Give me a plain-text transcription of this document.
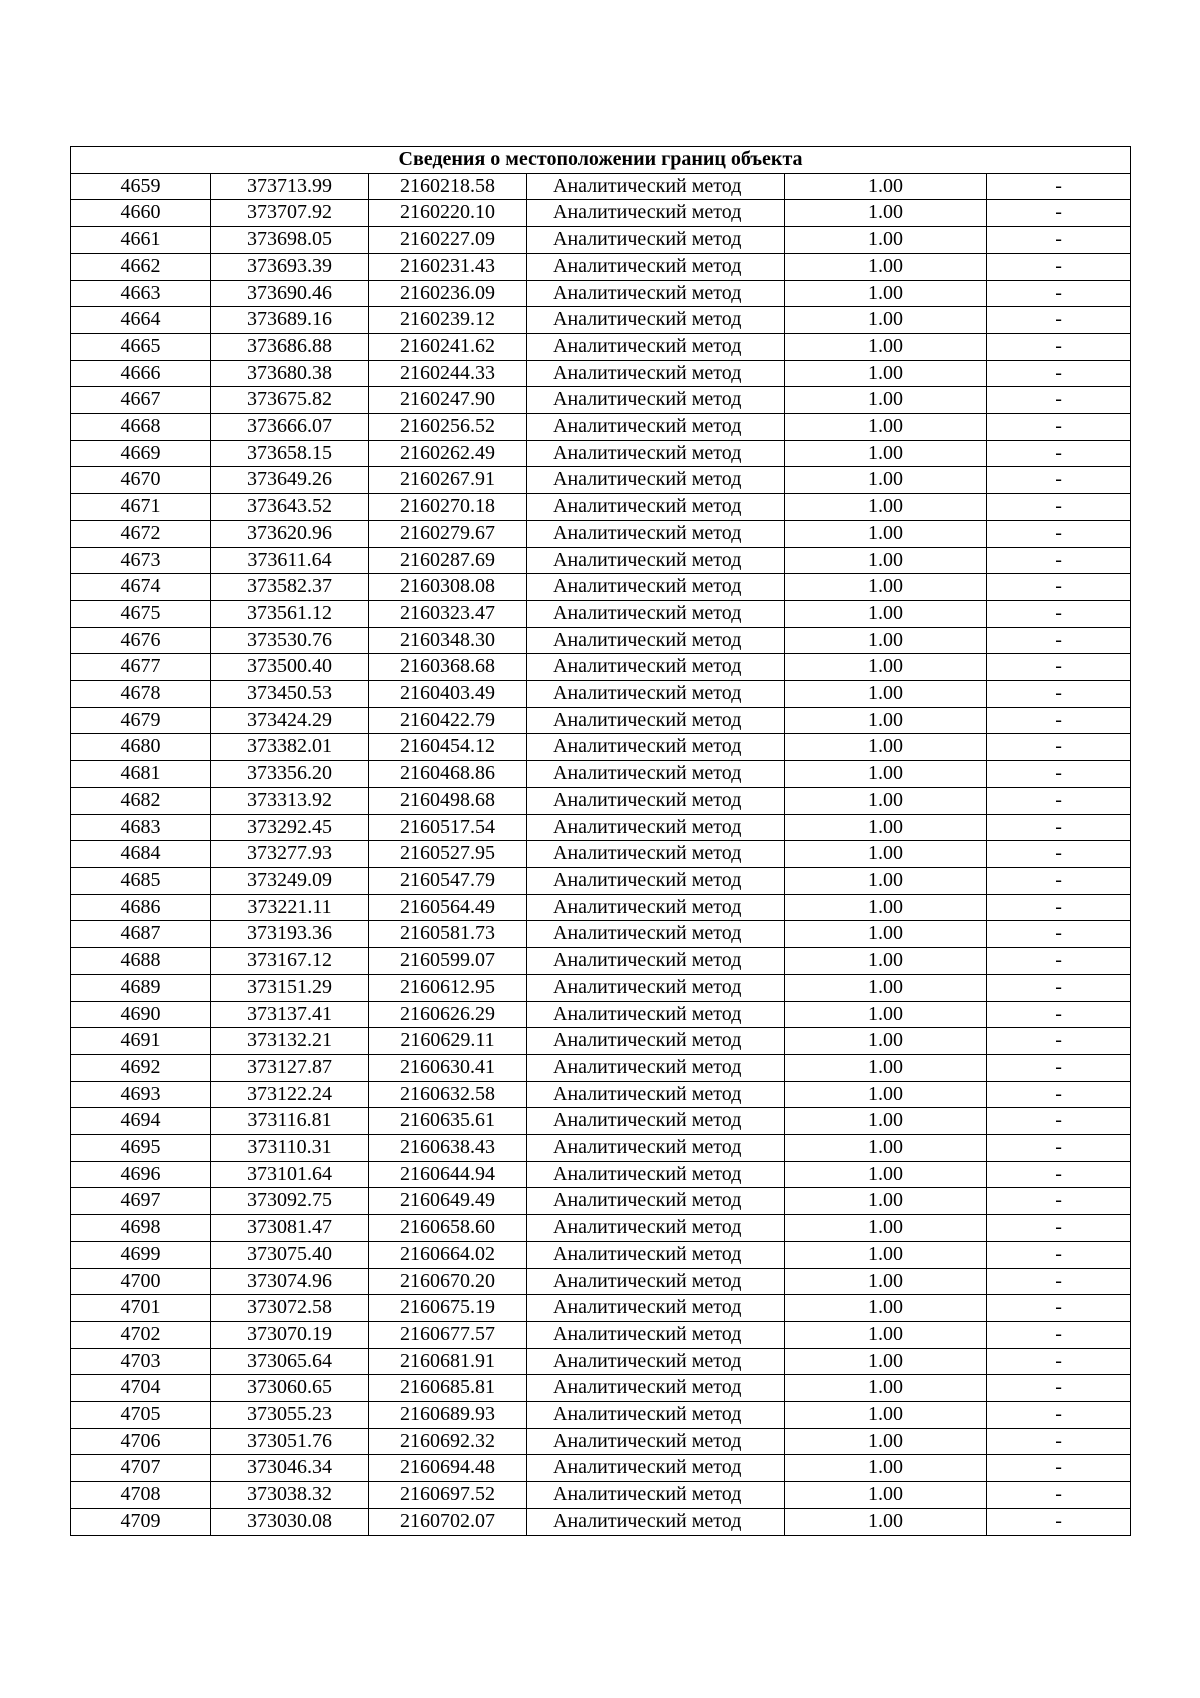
Сведения о местоположении границ объекта					
4659	373713.99	2160218.58	Аналитический метод	1.00	-
4660	373707.92	2160220.10	Аналитический метод	1.00	-
4661	373698.05	2160227.09	Аналитический метод	1.00	-
4662	373693.39	2160231.43	Аналитический метод	1.00	-
4663	373690.46	2160236.09	Аналитический метод	1.00	-
4664	373689.16	2160239.12	Аналитический метод	1.00	-
4665	373686.88	2160241.62	Аналитический метод	1.00	-
4666	373680.38	2160244.33	Аналитический метод	1.00	-
4667	373675.82	2160247.90	Аналитический метод	1.00	-
4668	373666.07	2160256.52	Аналитический метод	1.00	-
4669	373658.15	2160262.49	Аналитический метод	1.00	-
4670	373649.26	2160267.91	Аналитический метод	1.00	-
4671	373643.52	2160270.18	Аналитический метод	1.00	-
4672	373620.96	2160279.67	Аналитический метод	1.00	-
4673	373611.64	2160287.69	Аналитический метод	1.00	-
4674	373582.37	2160308.08	Аналитический метод	1.00	-
4675	373561.12	2160323.47	Аналитический метод	1.00	-
4676	373530.76	2160348.30	Аналитический метод	1.00	-
4677	373500.40	2160368.68	Аналитический метод	1.00	-
4678	373450.53	2160403.49	Аналитический метод	1.00	-
4679	373424.29	2160422.79	Аналитический метод	1.00	-
4680	373382.01	2160454.12	Аналитический метод	1.00	-
4681	373356.20	2160468.86	Аналитический метод	1.00	-
4682	373313.92	2160498.68	Аналитический метод	1.00	-
4683	373292.45	2160517.54	Аналитический метод	1.00	-
4684	373277.93	2160527.95	Аналитический метод	1.00	-
4685	373249.09	2160547.79	Аналитический метод	1.00	-
4686	373221.11	2160564.49	Аналитический метод	1.00	-
4687	373193.36	2160581.73	Аналитический метод	1.00	-
4688	373167.12	2160599.07	Аналитический метод	1.00	-
4689	373151.29	2160612.95	Аналитический метод	1.00	-
4690	373137.41	2160626.29	Аналитический метод	1.00	-
4691	373132.21	2160629.11	Аналитический метод	1.00	-
4692	373127.87	2160630.41	Аналитический метод	1.00	-
4693	373122.24	2160632.58	Аналитический метод	1.00	-
4694	373116.81	2160635.61	Аналитический метод	1.00	-
4695	373110.31	2160638.43	Аналитический метод	1.00	-
4696	373101.64	2160644.94	Аналитический метод	1.00	-
4697	373092.75	2160649.49	Аналитический метод	1.00	-
4698	373081.47	2160658.60	Аналитический метод	1.00	-
4699	373075.40	2160664.02	Аналитический метод	1.00	-
4700	373074.96	2160670.20	Аналитический метод	1.00	-
4701	373072.58	2160675.19	Аналитический метод	1.00	-
4702	373070.19	2160677.57	Аналитический метод	1.00	-
4703	373065.64	2160681.91	Аналитический метод	1.00	-
4704	373060.65	2160685.81	Аналитический метод	1.00	-
4705	373055.23	2160689.93	Аналитический метод	1.00	-
4706	373051.76	2160692.32	Аналитический метод	1.00	-
4707	373046.34	2160694.48	Аналитический метод	1.00	-
4708	373038.32	2160697.52	Аналитический метод	1.00	-
4709	373030.08	2160702.07	Аналитический метод	1.00	-
